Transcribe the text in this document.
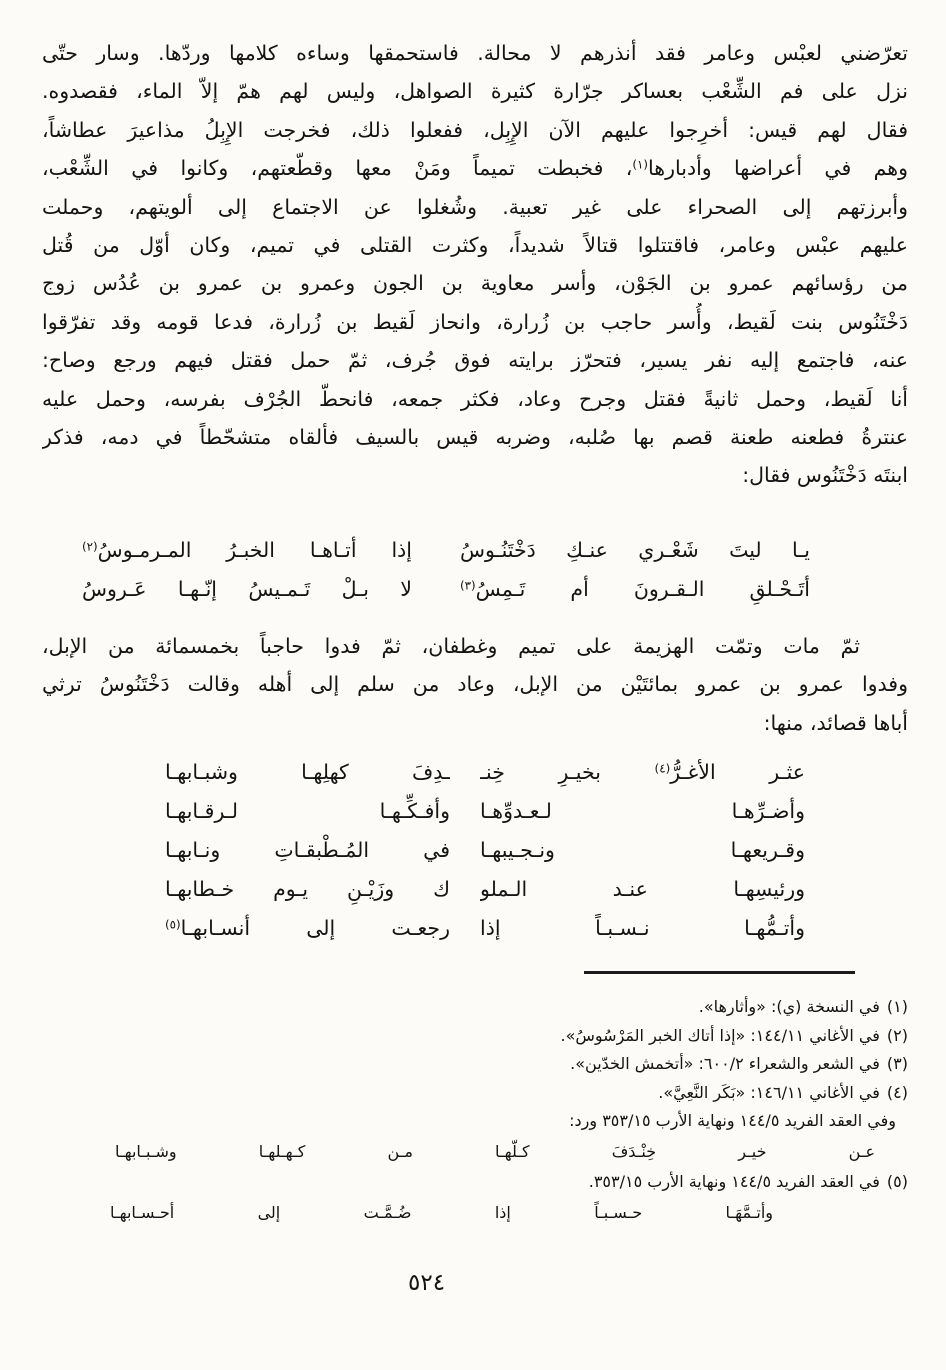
تعرّضني لعبْس وعامر فقد أنذرهم لا محالة. فاستحمقها وساءه كلامها وردّها. وسار حتّى
نزل على فم الشِّعْب بعساكر جرّارة كثيرة الصواهل، وليس لهم همّ إلاّ الماء، فقصدوه.
فقال لهم قيس: أخرِجوا عليهم الآن الإِبِل، ففعلوا ذلك، فخرجت الإِبِلُ مذاعيرَ عطاشاً،
وهم في أعراضها وأدبارها$^{(١)}$، فخبطت تميماً ومَنْ معها وقطّعتهم، وكانوا في الشِّعْب،
وأبرزتهم إلى الصحراء على غير تعبية. وشُغلوا عن الاجتماع إلى ألويتهم، وحملت
عليهم عبْس وعامر، فاقتتلوا قتالاً شديداً، وكثرت القتلى في تميم، وكان أوّل من قُتل
من رؤسائهم عمرو بن الجَوْن، وأسر معاوية بن الجون وعمرو بن عمرو بن عُدُس زوج
دَخْتَنُوس بنت لَقيط، وأُسر حاجب بن زُرارة، وانحاز لَقيط بن زُرارة، فدعا قومه وقد تفرّقوا
عنه، فاجتمع إليه نفر يسير، فتحرّز برايته فوق جُرف، ثمّ حمل فقتل فيهم ورجع وصاح:
أنا لَقيط، وحمل ثانيةً فقتل وجرح وعاد، فكثر جمعه، فانحطّ الجُرْف بفرسه، وحمل عليه
عنترةُ فطعنه طعنة قصم بها صُلبه، وضربه قيس بالسيف فألقاه متشحّطاً في دمه، فذكر
ابنتَه دَخْتَنُوس فقال:
يـا ليتَ شَعْـري عنـكِ دَخْتَنُـوسُ
إذا أتـاهـا الخبـرُ المـرمـوسُ$^{(٢)}$
أتَـحْـلقِ الـقـرونَ أم تَـمِسُ$^{(٣)}$
لا بـلْ تَـمـيسُ إنّـهـا عَـروسُ
ثمّ مات وتمّت الهزيمة على تميم وغطفان، ثمّ فدوا حاجباً بخمسمائة من الإبل،
وفدوا عمرو بن عمرو بمائتَيْن من الإبل، وعاد من سلم إلى أهله وقالت دَخْتَنُوسُ ترثي
أباها قصائد، منها:
عثـر الأغـرُّ$^{(٤)}$ بخيـرِ خِنـ
ـدِفَ كهلِهـا وشبـابهـا
وأضـرِّهـا لـعـدوِّهـا
وأفـكِّـهـا لـرقـابهـا
وقـريعهـا ونـجـيبهـا
في المُـطْبقـاتِ ونـابهـا
ورئيسِهـا عنـد الـملو
ك وزَيْـنِ يـوم خـطابهـا
وأتـمُّهـا نـسـبـاً إذا
رجعـت إلى أنسـابهـا$^{(٥)}$
(١)في النسخة (ي): «وأثارها».
(٢)في الأغاني ١٤٤/١١: «إذا أتاك الخبر المَرْسُوسُ».
(٣)في الشعر والشعراء ٦٠٠/٢: «أتخمش الخدّين».
(٤)في الأغاني ١٤٦/١١: «بَكَر النَّعِيَّ».
وفي العقد الفريد ١٤٤/٥ ونهاية الأرب ٣٥٣/١٥ ورد:
عـن خيـر خِنْـدَفَ كـلّهـا مـن كـهـلهـا وشـبـابهـا
(٥)في العقد الفريد ١٤٤/٥ ونهاية الأرب ٣٥٣/١٥.
وأتـمَّهَـا حـسـبـاً إذا ضُـمَّـت إلى أحـسـابهـا
٥٢٤
